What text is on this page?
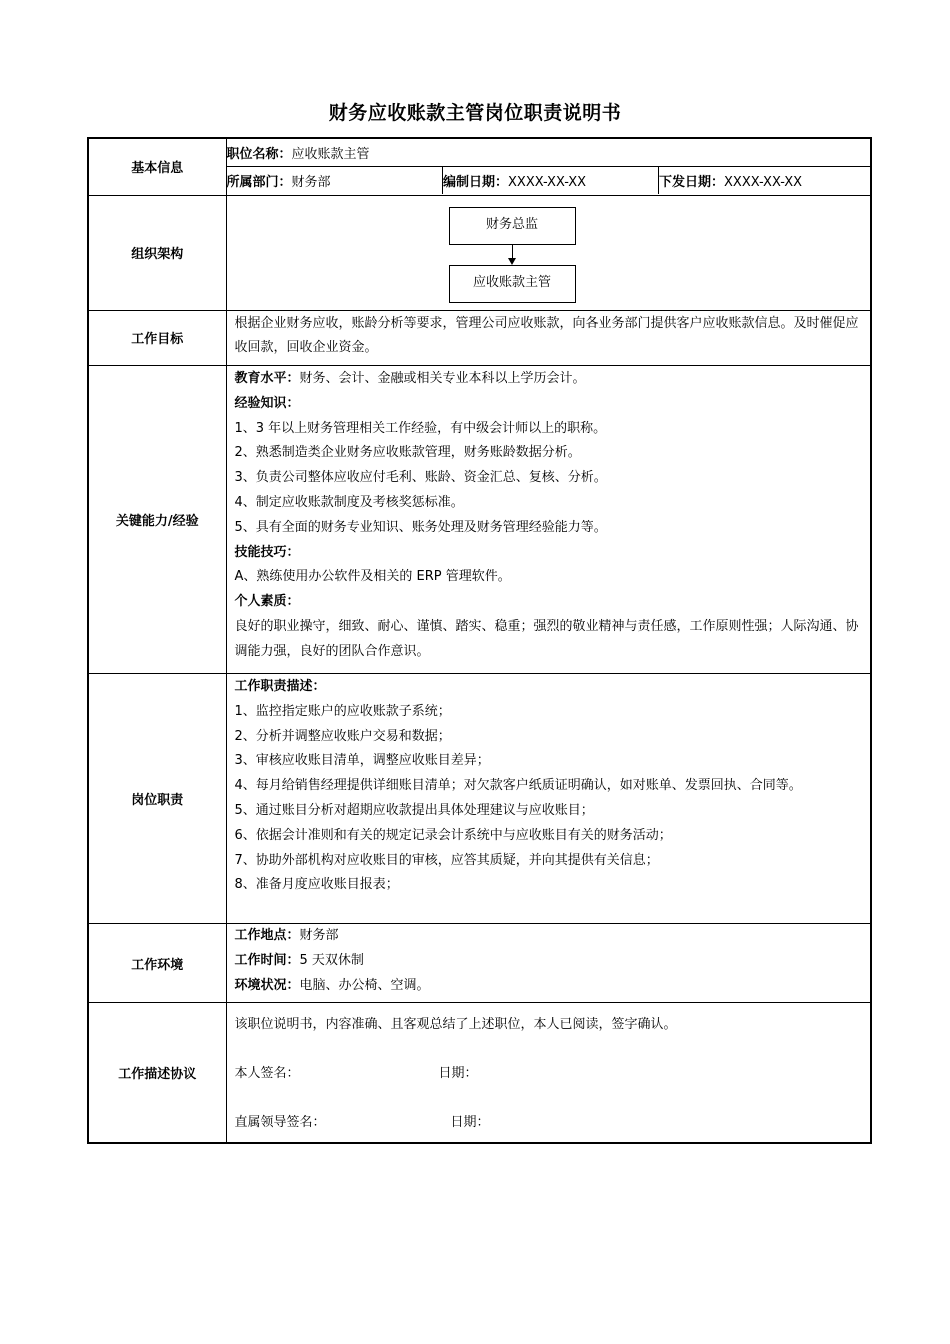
财务应收账款主管岗位职责说明书
基本信息	
职位名称：应收账款主管
所属部门：财务部	编制日期：XXXX-XX-XX	下发日期：XXXX-XX-XX

组织架构	
财务总监
应收账款主管

工作目标	
根据企业财务应收，账龄分析等要求，管理公司应收账款，向各业务部门提供客户应收账款信息。及时催促应收回款，回收企业资金。

关键能力/经验	
教育水平：财务、会计、金融或相关专业本科以上学历会计。
经验知识：
1、3 年以上财务管理相关工作经验，有中级会计师以上的职称。
2、熟悉制造类企业财务应收账款管理，财务账龄数据分析。
3、负责公司整体应收应付毛利、账龄、资金汇总、复核、分析。
4、制定应收账款制度及考核奖惩标准。
5、具有全面的财务专业知识、账务处理及财务管理经验能力等。
技能技巧：
A、熟练使用办公软件及相关的 ERP 管理软件。
个人素质：
良好的职业操守，细致、耐心、谨慎、踏实、稳重；强烈的敬业精神与责任感，工作原则性强；人际沟通、协调能力强，良好的团队合作意识。

岗位职责	
工作职责描述：
1、监控指定账户的应收账款子系统；
2、分析并调整应收账户交易和数据；
3、审核应收账目清单，调整应收账目差异；
4、每月给销售经理提供详细账目清单；对欠款客户纸质证明确认，如对账单、发票回执、合同等。
5、通过账目分析对超期应收款提出具体处理建议与应收账目；
6、依据会计准则和有关的规定记录会计系统中与应收账目有关的财务活动；
7、协助外部机构对应收账目的审核，应答其质疑，并向其提供有关信息；
8、准备月度应收账目报表；

工作环境	
工作地点：财务部
工作时间：5 天双休制
环境状况：电脑、办公椅、空调。

工作描述协议	
该职位说明书，内容准确、且客观总结了上述职位，本人已阅读，签字确认。
本人签名：	日期：
直属领导签名：	日期：
